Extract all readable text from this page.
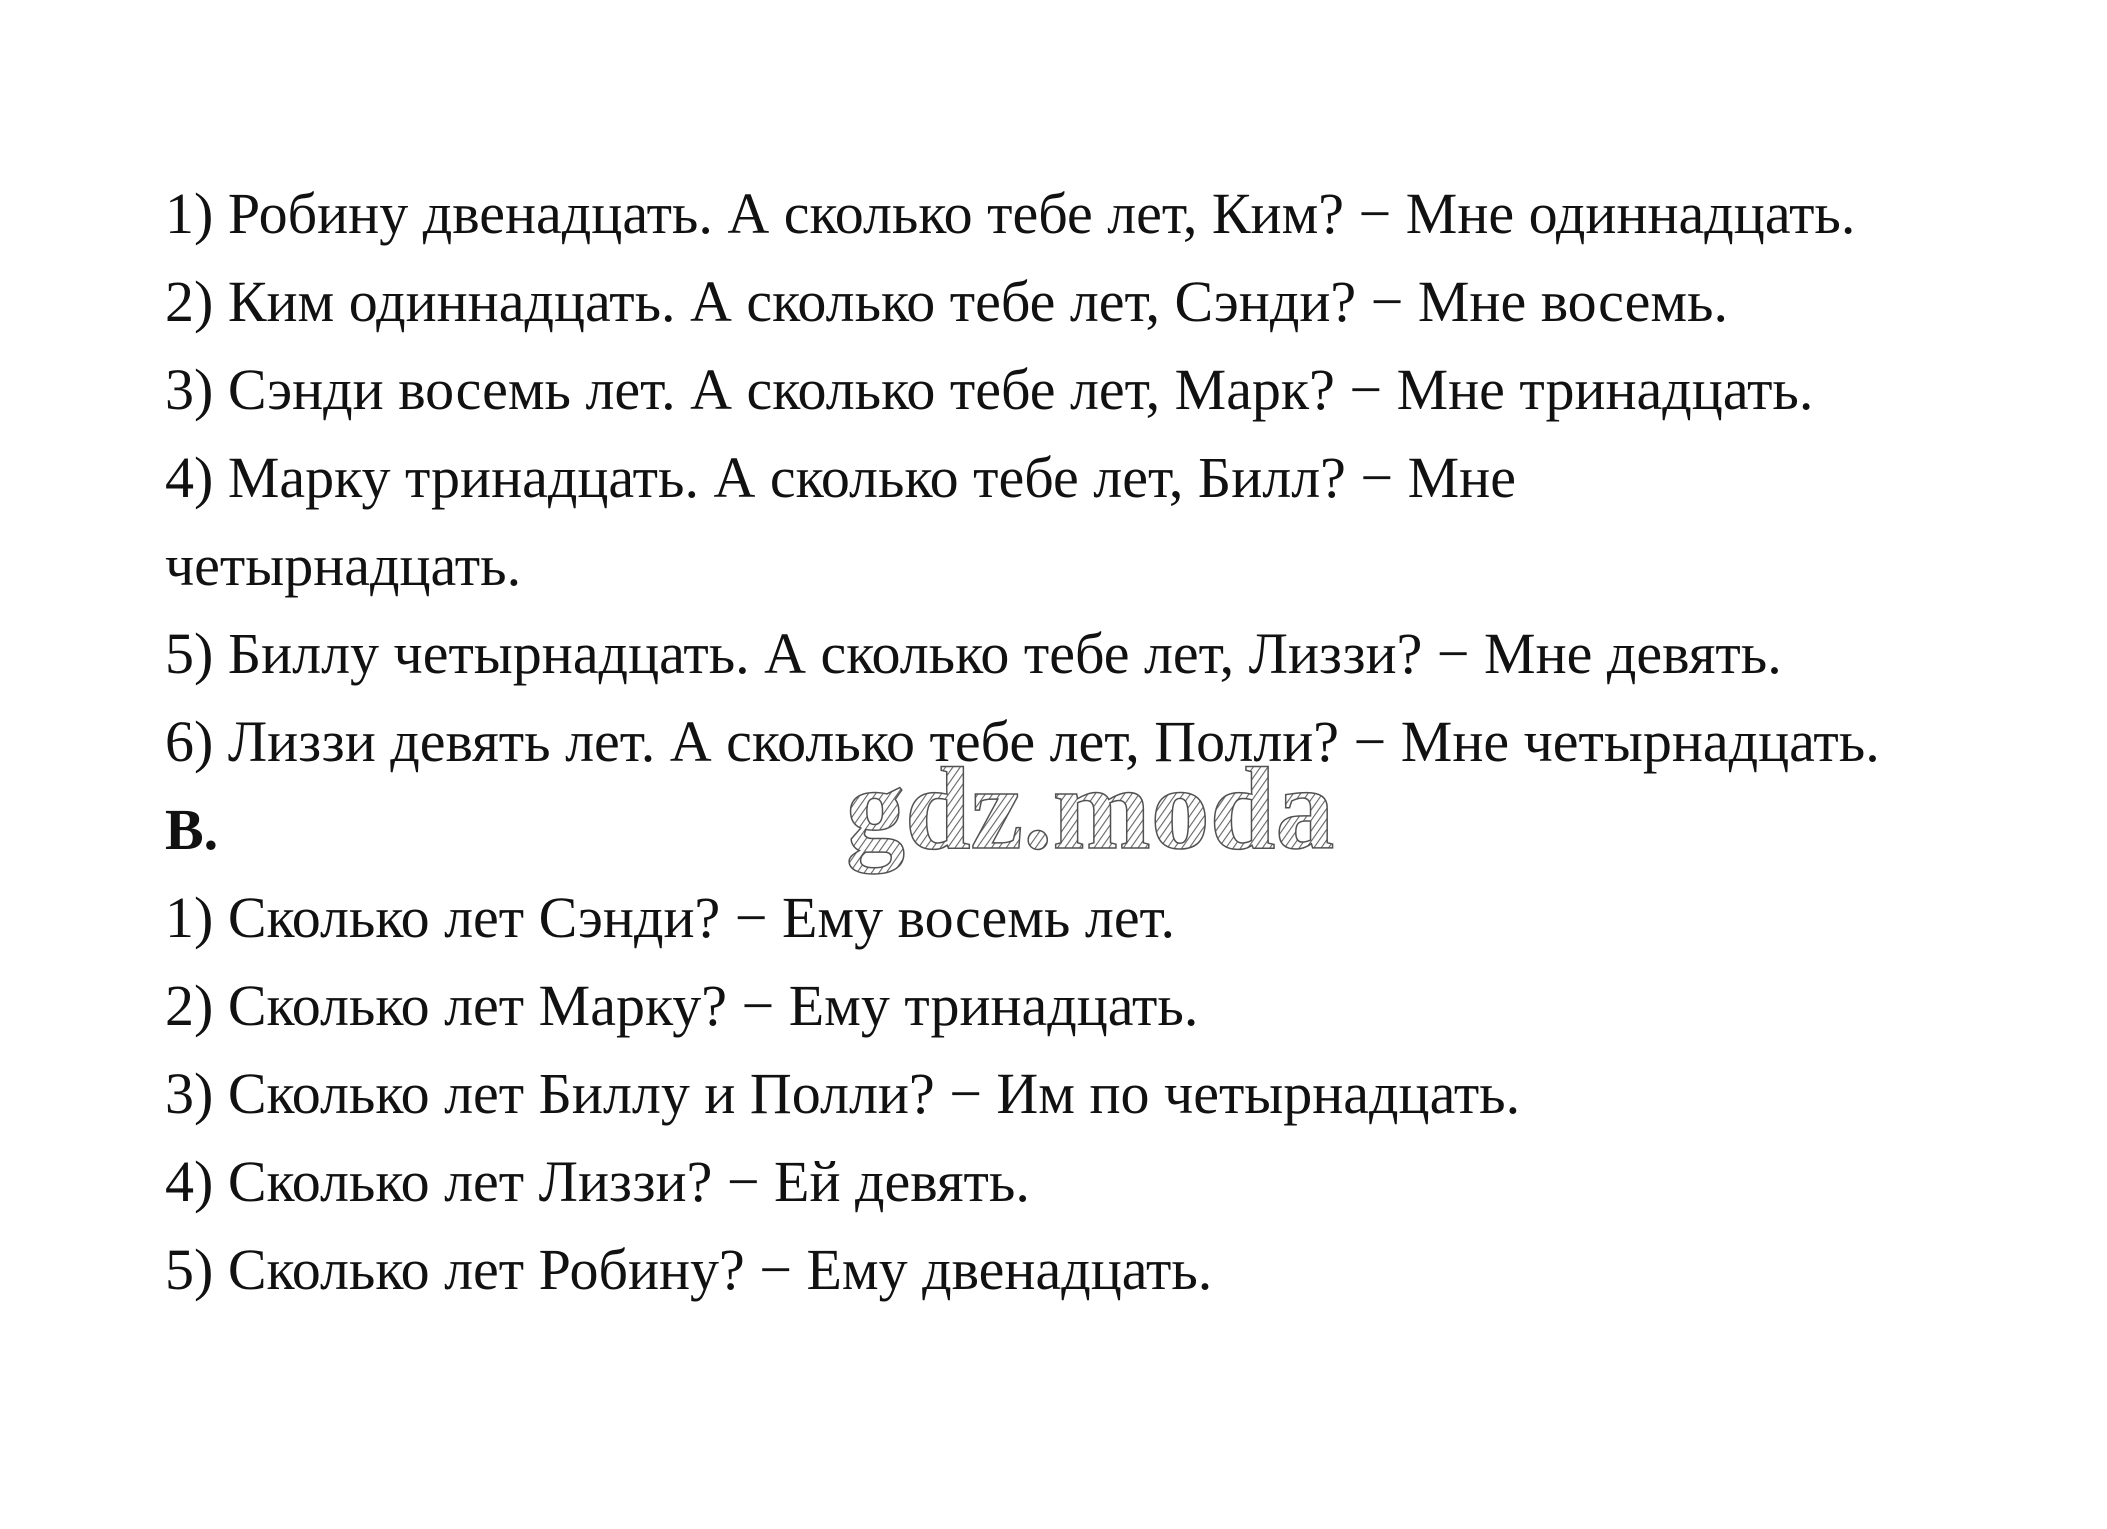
1) Робину двенадцать. А сколько тебе лет, Ким? − Мне одиннадцать.
2) Ким одиннадцать. А сколько тебе лет, Сэнди? − Мне восемь.
3) Сэнди восемь лет. А сколько тебе лет, Марк? − Мне тринадцать.
4) Марку тринадцать. А сколько тебе лет, Билл? − Мне
четырнадцать.
5) Биллу четырнадцать. А сколько тебе лет, Лиззи? − Мне девять.
6) Лиззи девять лет. А сколько тебе лет, Полли? − Мне четырнадцать.
B.
1) Сколько лет Сэнди? − Ему восемь лет.
2) Сколько лет Марку? − Ему тринадцать.
3) Сколько лет Биллу и Полли? − Им по четырнадцать.
4) Сколько лет Лиззи? − Ей девять.
5) Сколько лет Робину? − Ему двенадцать.
gdz.moda
